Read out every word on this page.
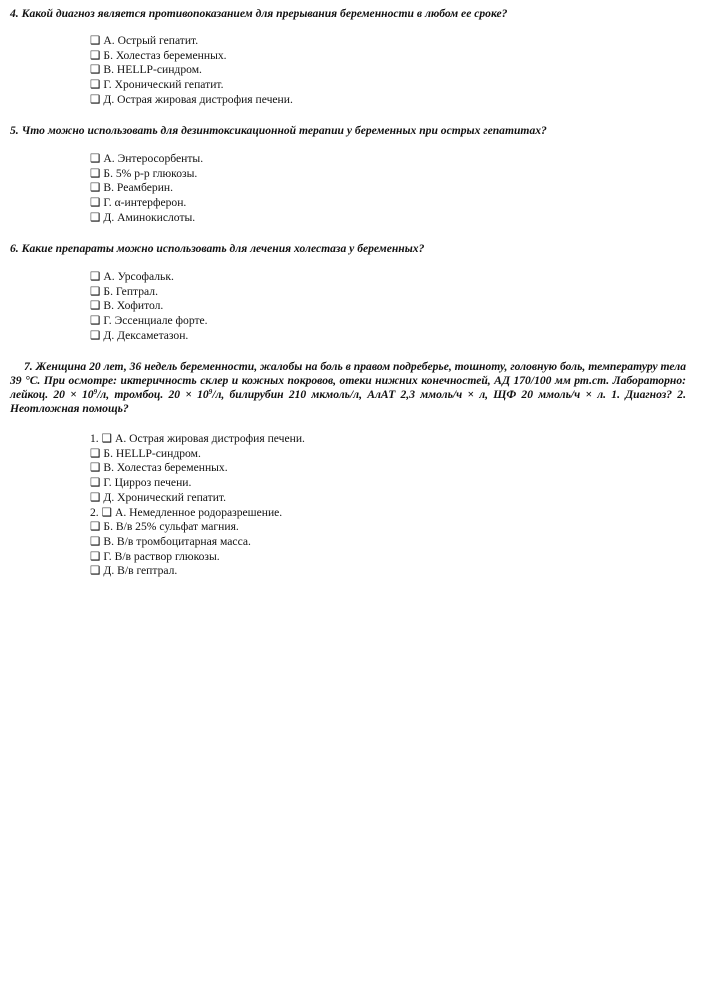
4. Какой диагноз является противопоказанием для прерывания беременности в любом ее сроке?
❑ А. Острый гепатит.
❑ Б. Холестаз беременных.
❑ В. HELLP-синдром.
❑ Г. Хронический гепатит.
❑ Д. Острая жировая дистрофия печени.
5. Что можно использовать для дезинтоксикационной терапии у беременных при острых гепатитах?
❑ А. Энтеросорбенты.
❑ Б. 5% р-р глюкозы.
❑ В. Реамберин.
❑ Г. α-интерферон.
❑ Д. Аминокислоты.
6. Какие препараты можно использовать для лечения холестаза у беременных?
❑ А. Урсофальк.
❑ Б. Гептрал.
❑ В. Хофитол.
❑ Г. Эссенциале форте.
❑ Д. Дексаметазон.
7. Женщина 20 лет, 36 недель беременности, жалобы на боль в правом подреберье, тошноту, головную боль, температуру тела 39 °С. При осмотре: иктеричность склер и кожных покровов, отеки нижних конечностей, АД 170/100 мм рт.ст. Лабораторно: лейкоц. $20 \times 10^9/л$, тромбоц. $20 \times 10^9/л$, билирубин 210 мкмоль/л, АлАТ 2,3 ммоль/ч × л, ЩФ 20 ммоль/ч × л. 1. Диагноз? 2. Неотложная помощь?
1. ❑ А. Острая жировая дистрофия печени.
❑ Б. HELLP-синдром.
❑ В. Холестаз беременных.
❑ Г. Цирроз печени.
❑ Д. Хронический гепатит.
2. ❑ А. Немедленное родоразрешение.
❑ Б. В/в 25% сульфат магния.
❑ В. В/в тромбоцитарная масса.
❑ Г. В/в раствор глюкозы.
❑ Д. В/в гептрал.
